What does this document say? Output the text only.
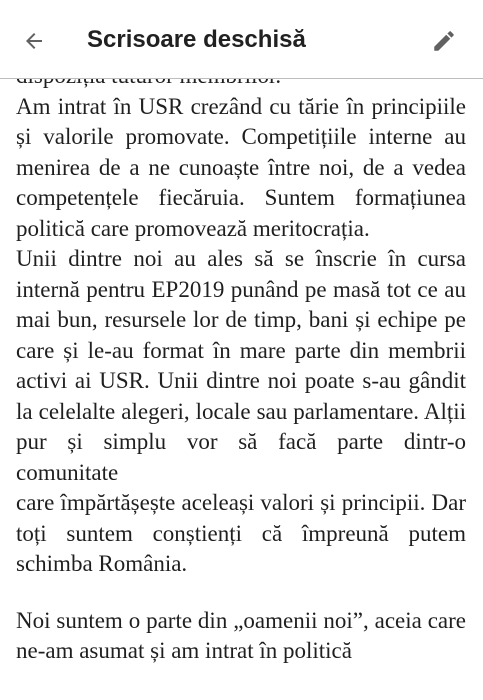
Am intrat în USR crezând cu tărie în principiile și valorile promovate. Competițiile interne au menirea de a ne cunoaște între noi, de a vedea competențele fiecăruia. Suntem formațiunea politică care promovează meritocrația.

Unii dintre noi au ales să se înscrie în cursa internă pentru EP2019 punând pe masă tot ce au mai bun, resursele lor de timp, bani și echipe pe care și le-au format în mare parte din membrii activi ai USR. Unii dintre noi poate s-au gândit la celelalte alegeri, locale sau parlamentare. Alții pur și simplu vor să facă parte dintr-o comunitate

care împărtășește aceleași valori și principii. Dar toți suntem conștienți că împreună putem schimba România.

Noi suntem o parte din „oamenii noi”, aceia care ne-am asumat și am intrat în politică

Scrisoare deschisă
